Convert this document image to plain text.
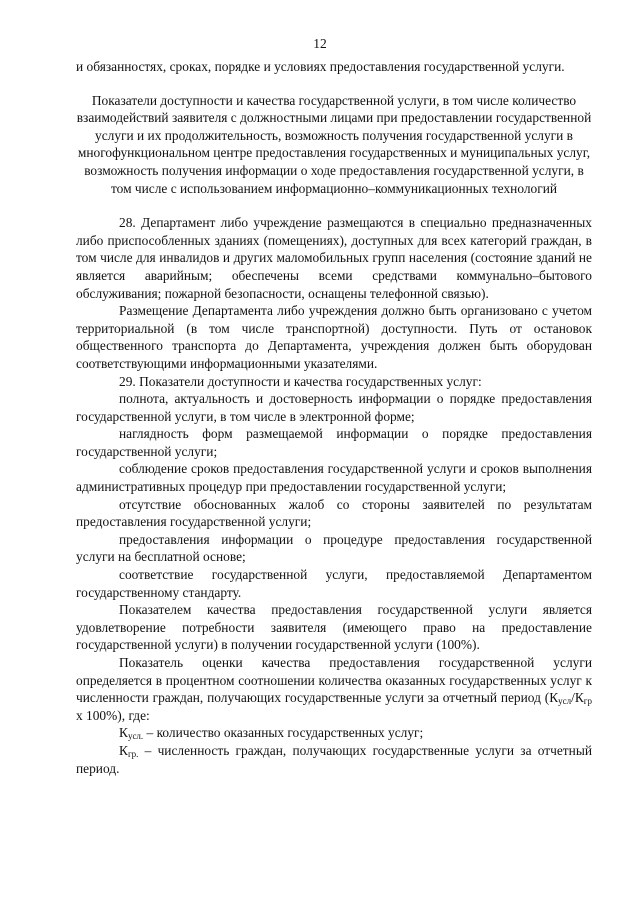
12

и обязанностях, сроках, порядке и условиях предоставления государственной услуги.

Показатели доступности и качества государственной услуги, в том числе количество взаимодействий заявителя с должностными лицами при предоставлении государственной услуги и их продолжительность, возможность получения государственной услуги в многофункциональном центре предоставления государственных и муниципальных услуг, возможность получения информации о ходе предоставления государственной услуги, в том числе с использованием информационно–коммуникационных технологий

28. Департамент либо учреждение размещаются в специально предназначенных либо приспособленных зданиях (помещениях), доступных для всех категорий граждан, в том числе для инвалидов и других маломобильных групп населения (состояние зданий не является аварийным; обеспечены всеми средствами коммунально–бытового обслуживания; пожарной безопасности, оснащены телефонной связью).

Размещение Департамента либо учреждения должно быть организовано с учетом территориальной (в том числе транспортной) доступности. Путь от остановок общественного транспорта до Департамента, учреждения должен быть оборудован соответствующими информационными указателями.

29. Показатели доступности и качества государственных услуг:

полнота, актуальность и достоверность информации о порядке предоставления государственной услуги, в том числе в электронной форме;

наглядность форм размещаемой информации о порядке предоставления государственной услуги;

соблюдение сроков предоставления государственной услуги и сроков выполнения административных процедур при предоставлении государственной услуги;

отсутствие обоснованных жалоб со стороны заявителей по результатам предоставления государственной услуги;

предоставления информации о процедуре предоставления государственной услуги на бесплатной основе;

соответствие государственной услуги, предоставляемой Департаментом государственному стандарту.

Показателем качества предоставления государственной услуги является удовлетворение потребности заявителя (имеющего право на предоставление государственной услуги) в получении государственной услуги (100%).

Показатель оценки качества предоставления государственной услуги определяется в процентном соотношении количества оказанных государственных услуг к численности граждан, получающих государственные услуги за отчетный период ($К_{усл}/К_{гр}$ х 100%), где:

$К_{усл.}$ – количество оказанных государственных услуг;

$К_{гр.}$ – численность граждан, получающих государственные услуги за отчетный период.
